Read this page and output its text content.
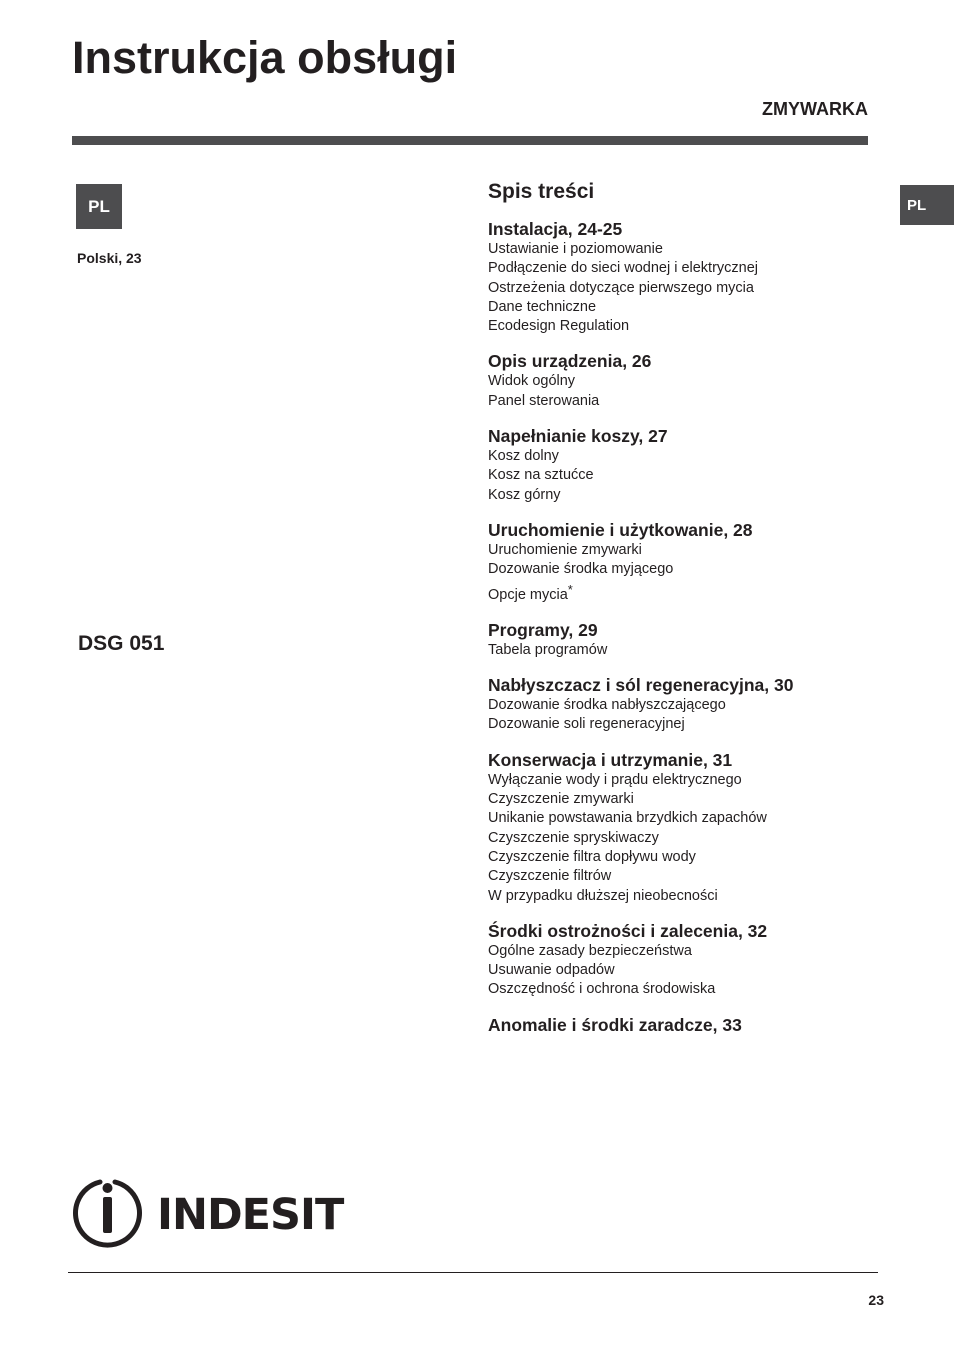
Instrukcja obsługi
ZMYWARKA
PL
Polski, 23
DSG 051
PL
Spis treści
Instalacja, 24-25
Ustawianie i poziomowanie
Podłączenie do sieci wodnej i elektrycznej
Ostrzeżenia dotyczące pierwszego mycia
Dane techniczne
Ecodesign Regulation
Opis urządzenia, 26
Widok ogólny
Panel sterowania
Napełnianie koszy, 27
Kosz dolny
Kosz na sztućce
Kosz górny
Uruchomienie i użytkowanie, 28
Uruchomienie zmywarki
Dozowanie środka myjącego
Opcje mycia*
Programy, 29
Tabela programów
Nabłyszczacz i sól regeneracyjna, 30
Dozowanie środka nabłyszczającego
Dozowanie soli regeneracyjnej
Konserwacja i utrzymanie, 31
Wyłączanie wody i prądu elektrycznego
Czyszczenie zmywarki
Unikanie powstawania brzydkich zapachów
Czyszczenie spryskiwaczy
Czyszczenie filtra dopływu wody
Czyszczenie filtrów
W przypadku dłuższej nieobecności
Środki ostrożności i zalecenia, 32
Ogólne zasady bezpieczeństwa
Usuwanie odpadów
Oszczędność i ochrona środowiska
Anomalie i środki zaradcze, 33
INDESIT
23
